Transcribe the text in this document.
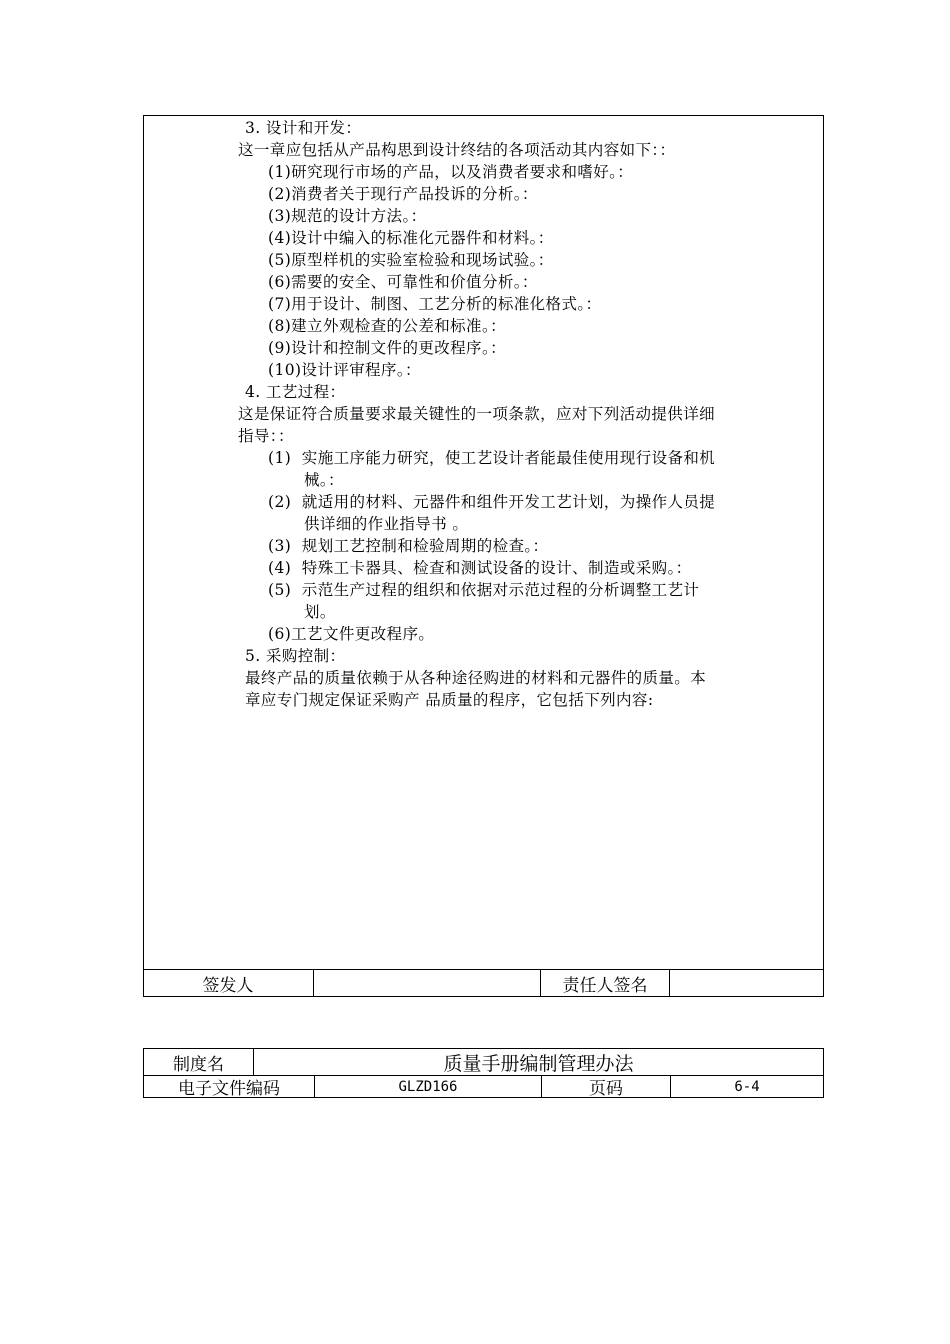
3. 设计和开发：
这一章应包括从产品构思到设计终结的各项活动其内容如下：：
(1)研究现行市场的产品，以及消费者要求和嗜好。：
(2)消费者关于现行产品投诉的分析。：
(3)规范的设计方法。：
(4)设计中编入的标准化元器件和材料。：
(5)原型样机的实验室检验和现场试验。：
(6)需要的安全、可靠性和价值分析。：
(7)用于设计、制图、工艺分析的标准化格式。：
(8)建立外观检查的公差和标准。：
(9)设计和控制文件的更改程序。：
(10)设计评审程序。：
4. 工艺过程：
这是保证符合质量要求最关键性的一项条款，应对下列活动提供详细
指导：：
(1)  实施工序能力研究，使工艺设计者能最佳使用现行设备和机
械。：
(2)  就适用的材料、元器件和组件开发工艺计划，为操作人员提
供详细的作业指导书 。
(3)  规划工艺控制和检验周期的检查。：
(4)  特殊工卡器具、检查和测试设备的设计、制造或采购。：
(5)  示范生产过程的组织和依据对示范过程的分析调整工艺计
划。
(6)工艺文件更改程序。
5. 采购控制：
最终产品的质量依赖于从各种途径购进的材料和元器件的质量。本
章应专门规定保证采购产 品质量的程序，它包括下列内容:
签发人	责任人签名
制度名	质量手册编制管理办法
电子文件编码	GLZD166	页码	6-4
